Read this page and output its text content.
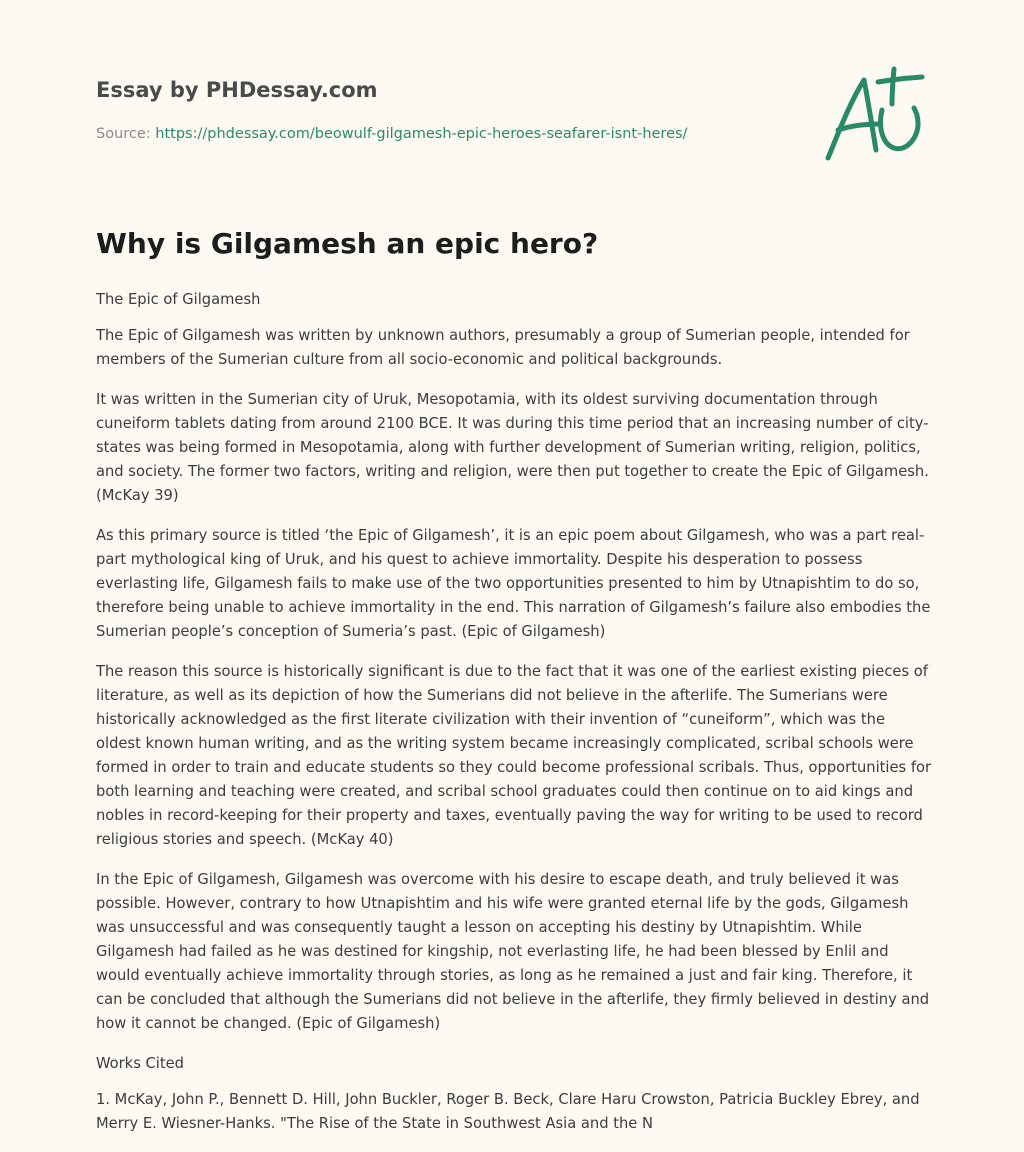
Essay by PHDessay.com
Source: https://phdessay.com/beowulf-gilgamesh-epic-heroes-seafarer-isnt-heres/
Why is Gilgamesh an epic hero?

The Epic of Gilgamesh

The Epic of Gilgamesh was written by unknown authors, presumably a group of Sumerian people, intended for members of the Sumerian culture from all socio-economic and political backgrounds.

It was written in the Sumerian city of Uruk, Mesopotamia, with its oldest surviving documentation through cuneiform tablets dating from around 2100 BCE. It was during this time period that an increasing number of city-states was being formed in Mesopotamia, along with further development of Sumerian writing, religion, politics, and society. The former two factors, writing and religion, were then put together to create the Epic of Gilgamesh. (McKay 39)

As this primary source is titled ‘the Epic of Gilgamesh’, it is an epic poem about Gilgamesh, who was a part real-part mythological king of Uruk, and his quest to achieve immortality. Despite his desperation to possess everlasting life, Gilgamesh fails to make use of the two opportunities presented to him by Utnapishtim to do so, therefore being unable to achieve immortality in the end. This narration of Gilgamesh’s failure also embodies the Sumerian people’s conception of Sumeria’s past. (Epic of Gilgamesh)

The reason this source is historically significant is due to the fact that it was one of the earliest existing pieces of literature, as well as its depiction of how the Sumerians did not believe in the afterlife. The Sumerians were historically acknowledged as the first literate civilization with their invention of “cuneiform”, which was the oldest known human writing, and as the writing system became increasingly complicated, scribal schools were formed in order to train and educate students so they could become professional scribals. Thus, opportunities for both learning and teaching were created, and scribal school graduates could then continue on to aid kings and nobles in record-keeping for their property and taxes, eventually paving the way for writing to be used to record religious stories and speech. (McKay 40)

In the Epic of Gilgamesh, Gilgamesh was overcome with his desire to escape death, and truly believed it was possible. However, contrary to how Utnapishtim and his wife were granted eternal life by the gods, Gilgamesh was unsuccessful and was consequently taught a lesson on accepting his destiny by Utnapishtim. While Gilgamesh had failed as he was destined for kingship, not everlasting life, he had been blessed by Enlil and would eventually achieve immortality through stories, as long as he remained a just and fair king. Therefore, it can be concluded that although the Sumerians did not believe in the afterlife, they firmly believed in destiny and how it cannot be changed. (Epic of Gilgamesh)

Works Cited

1. McKay, John P., Bennett D. Hill, John Buckler, Roger B. Beck, Clare Haru Crowston, Patricia Buckley Ebrey, and Merry E. Wiesner-Hanks. "The Rise of the State in Southwest Asia and the N
